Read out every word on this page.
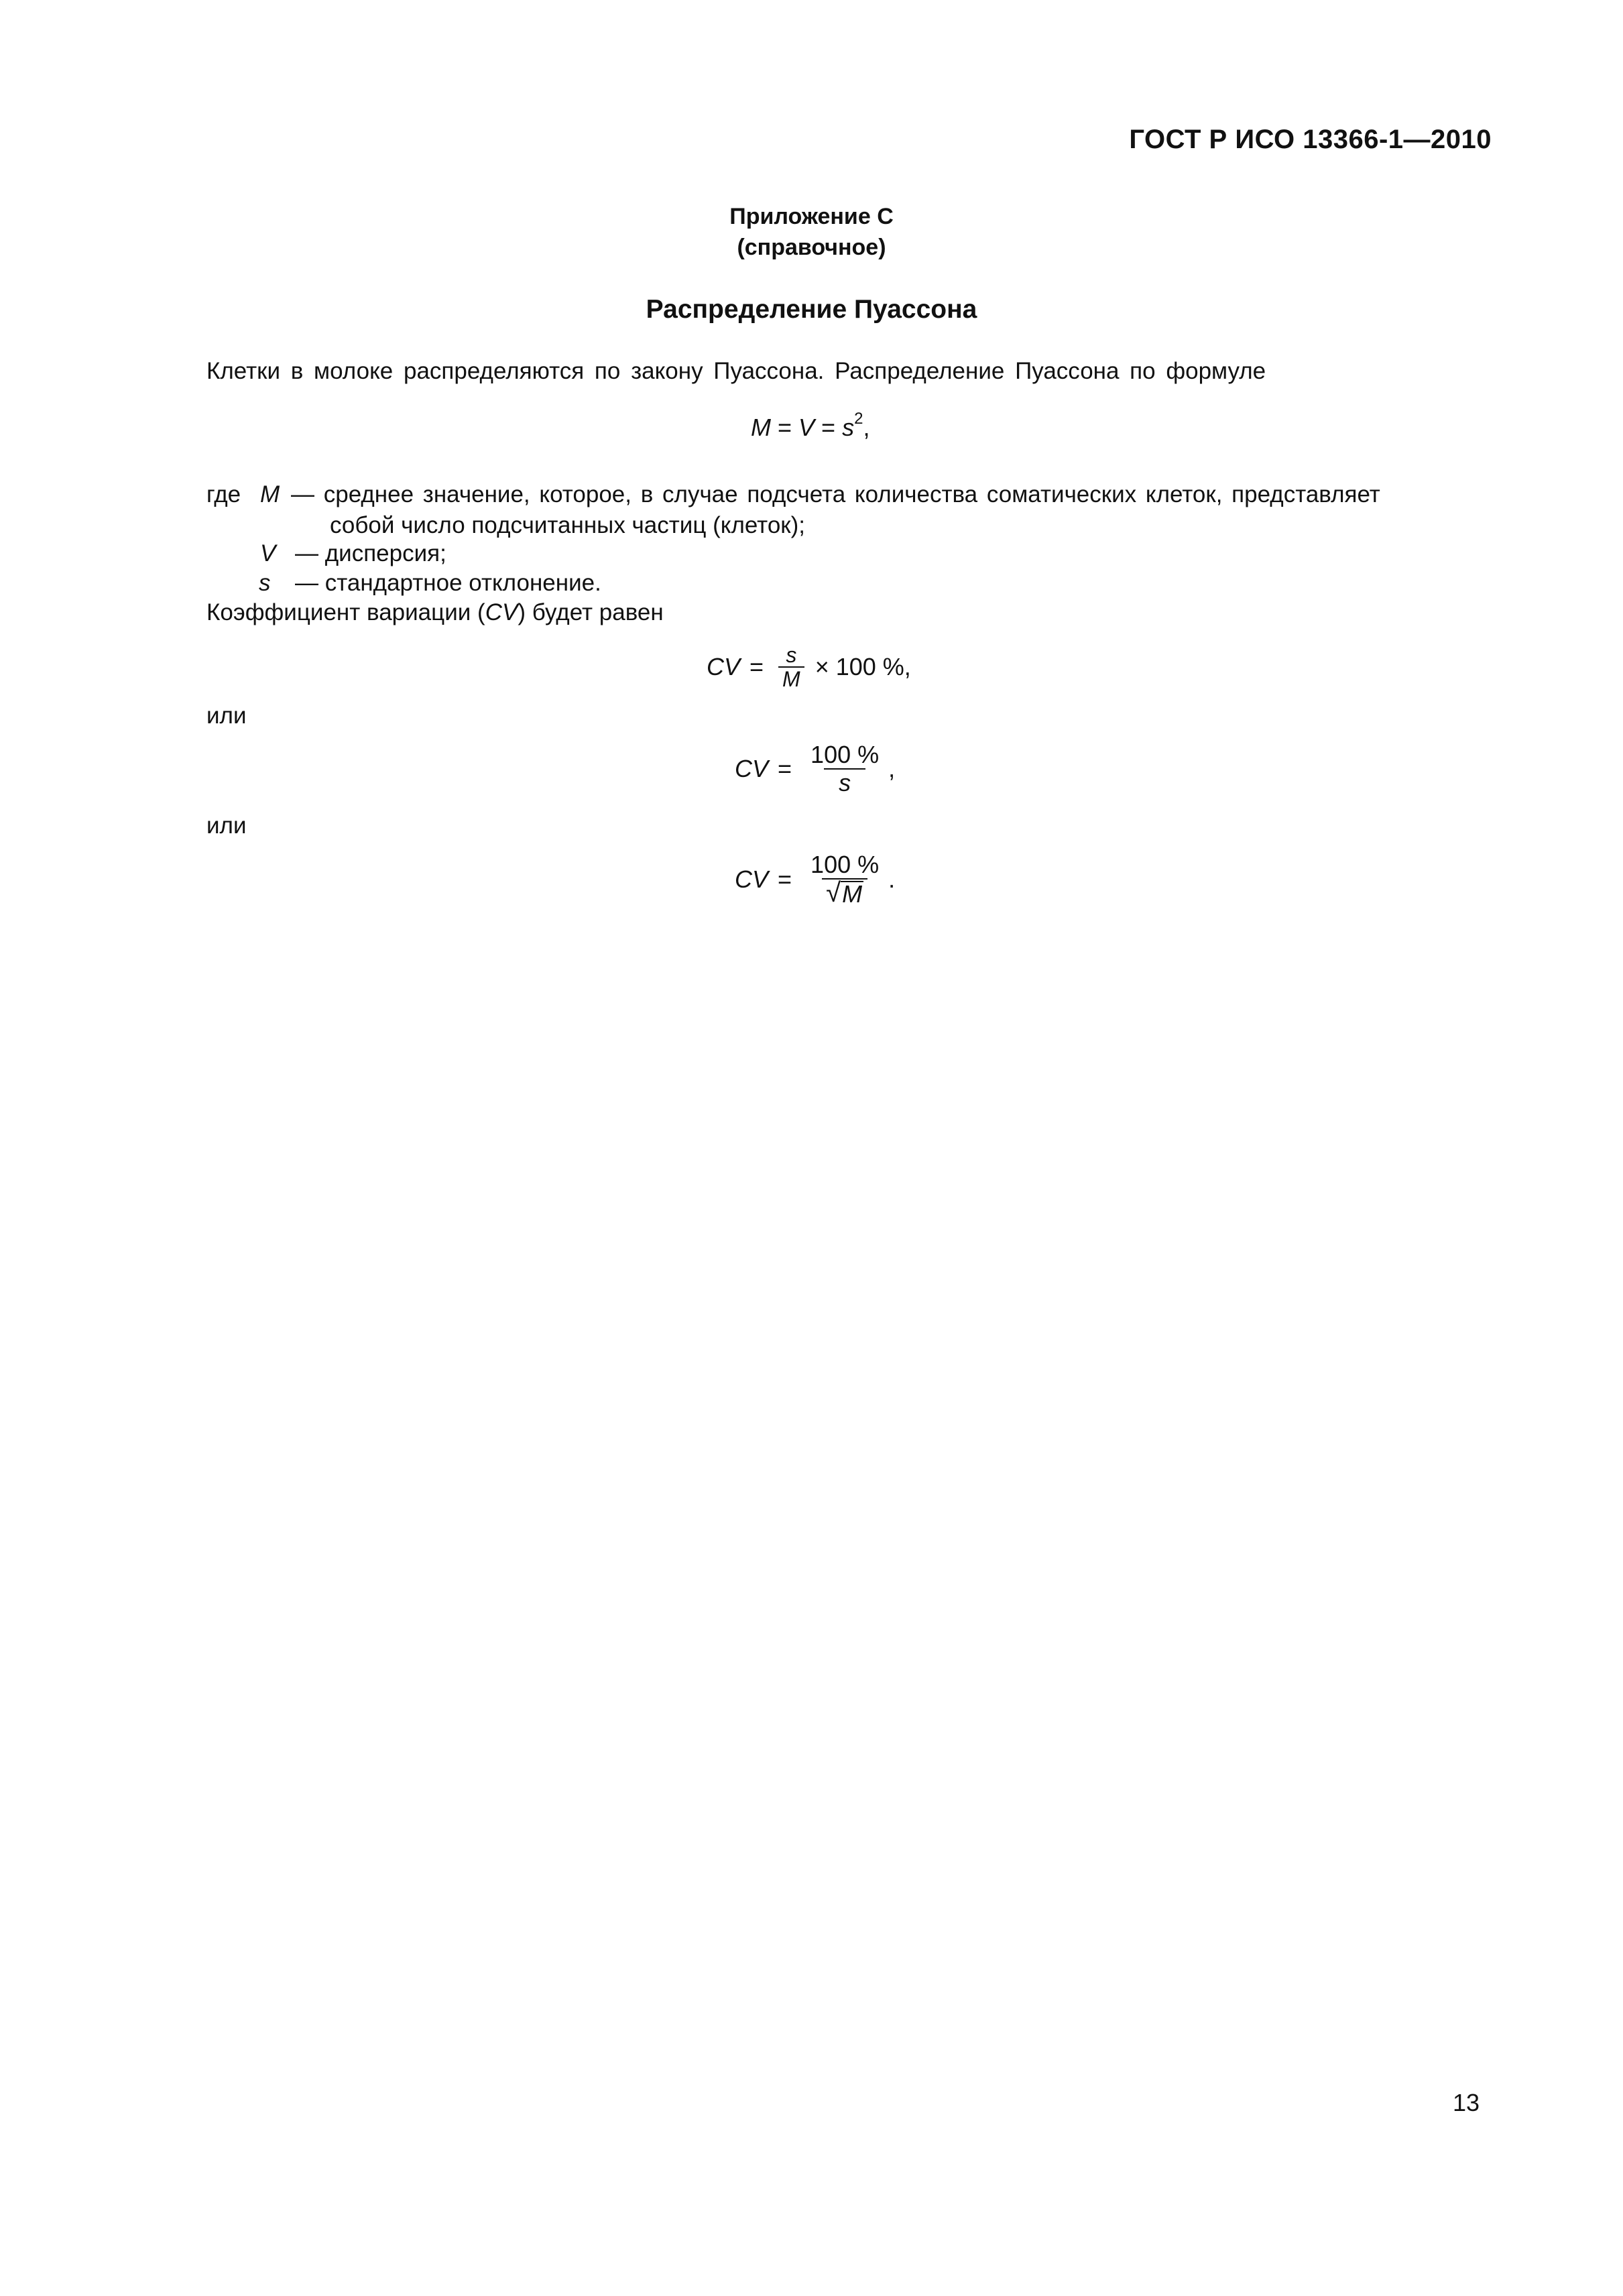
ГОСТ Р ИСО 13366-1—2010
Приложение С
(справочное)
Распределение Пуассона
Клетки в молоке распределяются по закону Пуассона. Распределение Пуассона по формуле
$M = V = s^2$,
где M — среднее значение, которое, в случае подсчета количества соматических клеток, представляет
собой число подсчитанных частиц (клеток);
V — дисперсия;
s — стандартное отклонение.
Коэффициент вариации (CV) будет равен
CV = $\frac{s}{M} \times 100$ %,
или
CV = $\frac{100 \%}{s}$ ,
или
CV = $\frac{100 \%}{√ M}$ .
13
